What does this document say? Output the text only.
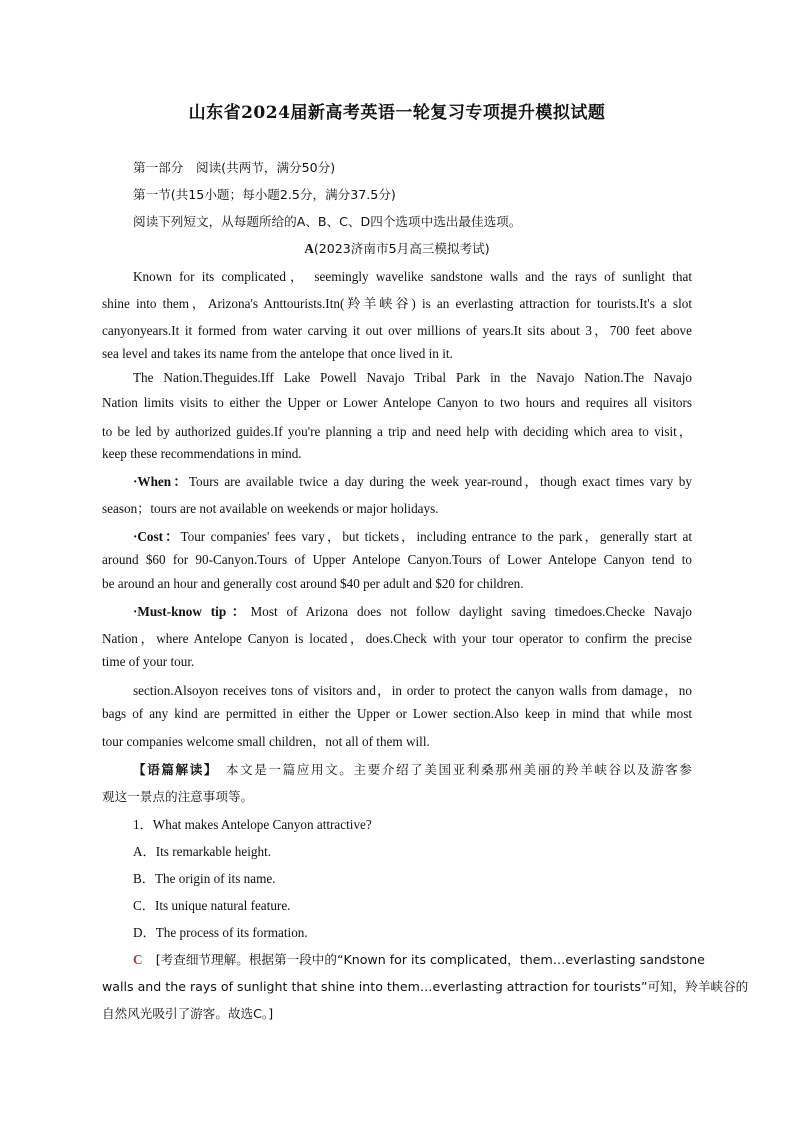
山东省2024届新高考英语一轮复习专项提升模拟试题
第一部分　阅读(共两节，满分50分)
第一节(共15小题；每小题2.5分，满分37.5分)
阅读下列短文，从每题所给的A、B、C、D四个选项中选出最佳选项。
A(2023济南市5月高三模拟考试)
Known for its complicated， seemingly wavelike sandstone walls and the rays of sunlight that
shine into them，Arizona's Anttourists.Itn(羚羊峡谷) is an everlasting attraction for tourists.It's a slot
canyonyears.It it formed from water carving it out over millions of years.It sits about 3，700 feet above
sea level and takes its name from the antelope that once lived in it.
The Nation.Theguides.Iff Lake Powell Navajo Tribal Park in the Navajo Nation.The Navajo
Nation limits visits to either the Upper or Lower Antelope Canyon to two hours and requires all visitors
to be led by authorized guides.If you're planning a trip and need help with deciding which area to visit，
keep these recommendations in mind.
·When：Tours are available twice a day during the week year-round，though exact times vary by
season；tours are not available on weekends or major holidays.
·Cost：Tour companies' fees vary，but tickets，including entrance to the park，generally start at
around $60 for 90-Canyon.Tours of Upper Antelope Canyon.Tours of Lower Antelope Canyon tend to
be around an hour and generally cost around $40 per adult and $20 for children.
·Must-know tip：Most of Arizona does not follow daylight saving timedoes.Checke Navajo
Nation，where Antelope Canyon is located，does.Check with your tour operator to confirm the precise
time of your tour.
section.Alsoyon receives tons of visitors and，in order to protect the canyon walls from damage，no
bags of any kind are permitted in either the Upper or Lower section.Also keep in mind that while most
tour companies welcome small children，not all of them will.
【语篇解读】　本文是一篇应用文。主要介绍了美国亚利桑那州美丽的羚羊峡谷以及游客参
观这一景点的注意事项等。
1．What makes Antelope Canyon attractive?
A．Its remarkable height.
B．The origin of its name.
C．Its unique natural feature.
D．The process of its formation.
C　 [考查细节理解。根据第一段中的“Known for its complicated，them…everlasting sandstone
walls and the rays of sunlight that shine into them…everlasting attraction for tourists”可知，羚羊峡谷的
自然风光吸引了游客。故选C。]
